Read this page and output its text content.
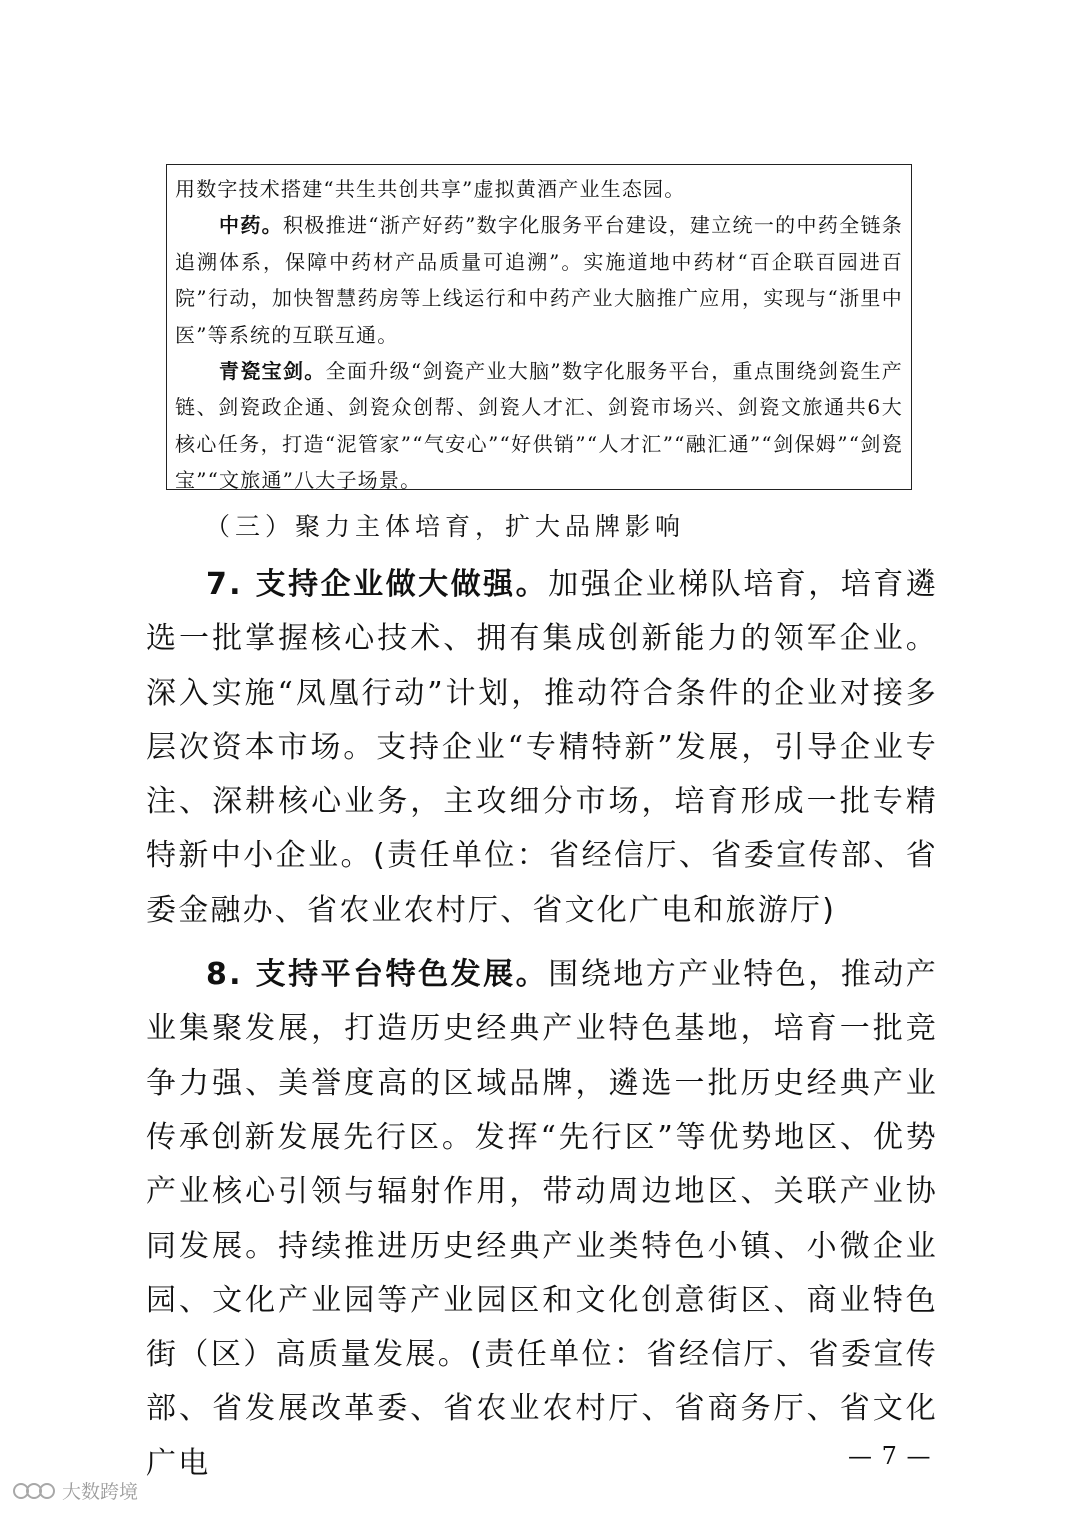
用数字技术搭建“共生共创共享”虚拟黄酒产业生态园。

中药。积极推进“浙产好药”数字化服务平台建设，建立统一的中药全链条追溯体系，保障中药材产品质量可追溯”。实施道地中药材“百企联百园进百院”行动，加快智慧药房等上线运行和中药产业大脑推广应用，实现与“浙里中医”等系统的互联互通。

青瓷宝剑。全面升级“剑瓷产业大脑”数字化服务平台，重点围绕剑瓷生产链、剑瓷政企通、剑瓷众创帮、剑瓷人才汇、剑瓷市场兴、剑瓷文旅通共6大核心任务，打造“泥管家”“气安心”“好供销”“人才汇”“融汇通”“剑保姆”“剑瓷宝”“文旅通”八大子场景。

（三）聚力主体培育，扩大品牌影响

7. 支持企业做大做强。加强企业梯队培育，培育遴选一批掌握核心技术、拥有集成创新能力的领军企业。深入实施“凤凰行动”计划，推动符合条件的企业对接多层次资本市场。支持企业“专精特新”发展，引导企业专注、深耕核心业务，主攻细分市场，培育形成一批专精特新中小企业。(责任单位：省经信厅、省委宣传部、省委金融办、省农业农村厅、省文化广电和旅游厅)

8. 支持平台特色发展。围绕地方产业特色，推动产业集聚发展，打造历史经典产业特色基地，培育一批竞争力强、美誉度高的区域品牌，遴选一批历史经典产业传承创新发展先行区。发挥“先行区”等优势地区、优势产业核心引领与辐射作用，带动周边地区、关联产业协同发展。持续推进历史经典产业类特色小镇、小微企业园、文化产业园等产业园区和文化创意街区、商业特色街（区）高质量发展。(责任单位：省经信厅、省委宣传部、省发展改革委、省农业农村厅、省商务厅、省文化广电	— 7 —
大数跨境
